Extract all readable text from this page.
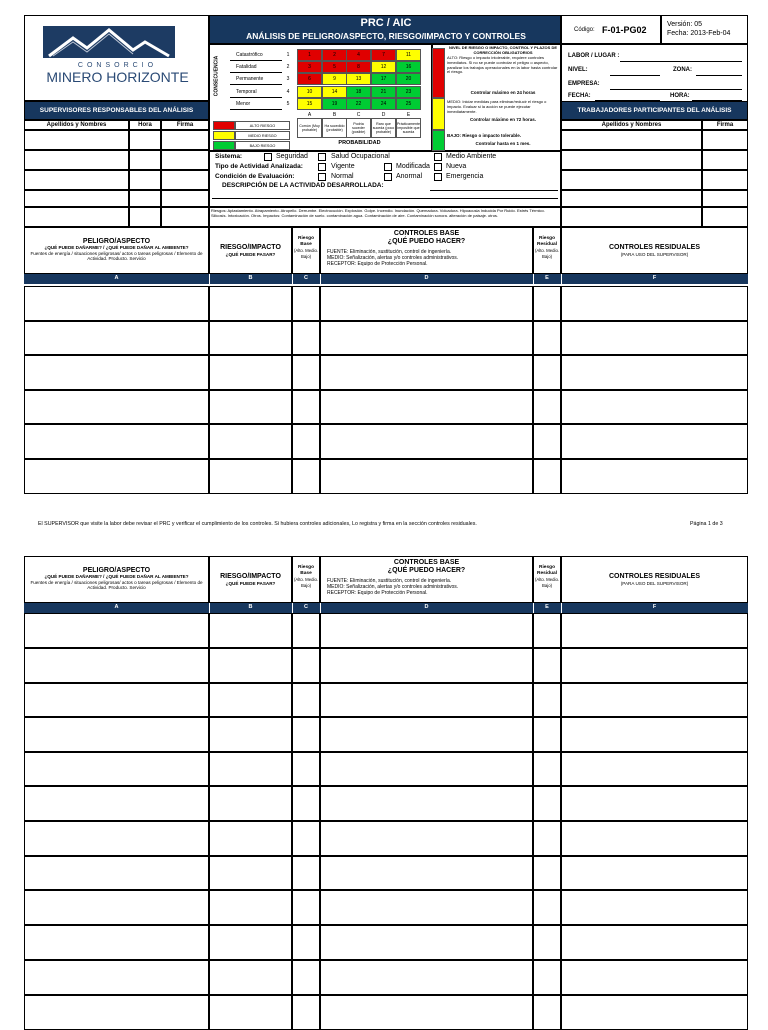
CONSORCIO
MINERO HORIZONTE
PRC / AIC
ANÁLISIS DE PELIGRO/ASPECTO, RIESGO/IMPACTO Y CONTROLES
Código: F-01-PG02
Versión: 05
Fecha: 2013-Feb-04
CONSECUENCIA
Catastrófico	1	1	2	4	7	11
Fatalidad	2	3	5	8	12	16
Permanente	3	6	9	13	17	20
Temporal	4	10	14	18	21	23
Menor	5	15	19	22	24	25
A
Común (Muy probable)
B
Ha sucedido (probable)
C
Podría suceder (posible)
D
Raro que suceda (poco probable)
E
Prácticamente imposible que suceda
PROBABILIDAD
ALTO RIESGO
MEDIO RIESGO
BAJO RIESGO
NIVEL DE RIESGO O IMPACTO, CONTROL Y PLAZOS DE CORRECCIÓN OBLIGATORIOS
ALTO: Riesgo o impacto intolerable, requiere controles inmediatos. Si no se puede controlar el peligro o aspecto, paralizar los trabajos operacionales en la labor hasta controlar el riesgo.
Controlar máximo en 24 horas
MEDIO: Iniciar medidas para eliminar/reducir el riesgo o impacto. Evaluar si la acción se puede ejecutar inmediatamente.
Controlar máximo en 72 horas.
BAJO: Riesgo o impacto tolerable.
Controlar hasta en 1 mes.
LABOR / LUGAR :
NIVEL:	ZONA:
EMPRESA:
FECHA:	HORA:
SUPERVISORES RESPONSABLES DEL ANÁLISIS
Apellidos y Nombres	Hora	Firma
TRABAJADORES PARTICIPANTES DEL ANÁLISIS
Apellidos y Nombres	Firma
Sistema:	Seguridad	Salud Ocupacional	Medio Ambiente
Tipo de Actividad Analizada:	Vigente	Modificada Nueva
Condición de Evaluación:	Normal	Anormal	Emergencia
DESCRIPCIÓN DE LA ACTIVIDAD DESARROLLADA:
Riesgos: Aplastamiento. Atrapamiento. Atropello. Derrumbe. Electrocución. Explosión. Golpe. Incendio. Inundación. Quemadura. Volcadura. Hipoacusia Inducida Por Ruido. Estrés Térmico. Silicosis. Intoxicación. Otros. Impactos: Contaminación de suelo. contaminación agua. Contaminación de aire. Contaminación sonora. alteración de paisaje. otros.
PELIGRO/ASPECTO
¿QUÉ PUEDE DAÑARME? / ¿QUÉ PUEDE DAÑAR AL AMBIENTE?
Fuentes de energía / situaciones peligrosas/ actos o tareas peligrosas / Elemento de Actividad. Producto. Servicio
RIESGO/IMPACTO
¿QUÉ PUEDE PASAR?
Riesgo Base
(Alto. Medio. Bajo)
CONTROLES BASE
¿QUÉ PUEDO HACER?
FUENTE: Eliminación, sustitución, control de ingeniería.
MEDIO: Señalización, alertas y/o controles administrativos.
RECEPTOR: Equipo de Protección Personal.
Riesgo Residual
(Alto. Medio. Bajo)
CONTROLES RESIDUALES
(PARA USO DEL SUPERVISOR)
A	B	C	D	E	F
El SUPERVISOR que visite la labor debe revisar el PRC y verificar el cumplimiento de los controles. Si hubiera controles adicionales, Lo registra y firma en la sección controles residuales.	Página 1 de 3
PELIGRO/ASPECTO
¿QUÉ PUEDE DAÑARME? / ¿QUÉ PUEDE DAÑAR AL AMBIENTE?
Fuentes de energía / situaciones peligrosas/ actos o tareas peligrosas / Elemento de Actividad. Producto. Servicio
RIESGO/IMPACTO
¿QUÉ PUEDE PASAR?
Riesgo Base
(Alto. Medio. Bajo)
CONTROLES BASE
¿QUÉ PUEDO HACER?
FUENTE: Eliminación, sustitución, control de ingeniería.
MEDIO: Señalización, alertas y/o controles administrativos.
RECEPTOR: Equipo de Protección Personal.
Riesgo Residual
(Alto. Medio. Bajo)
CONTROLES RESIDUALES
(PARA USO DEL SUPERVISOR)
A	B	C	D	E	F
